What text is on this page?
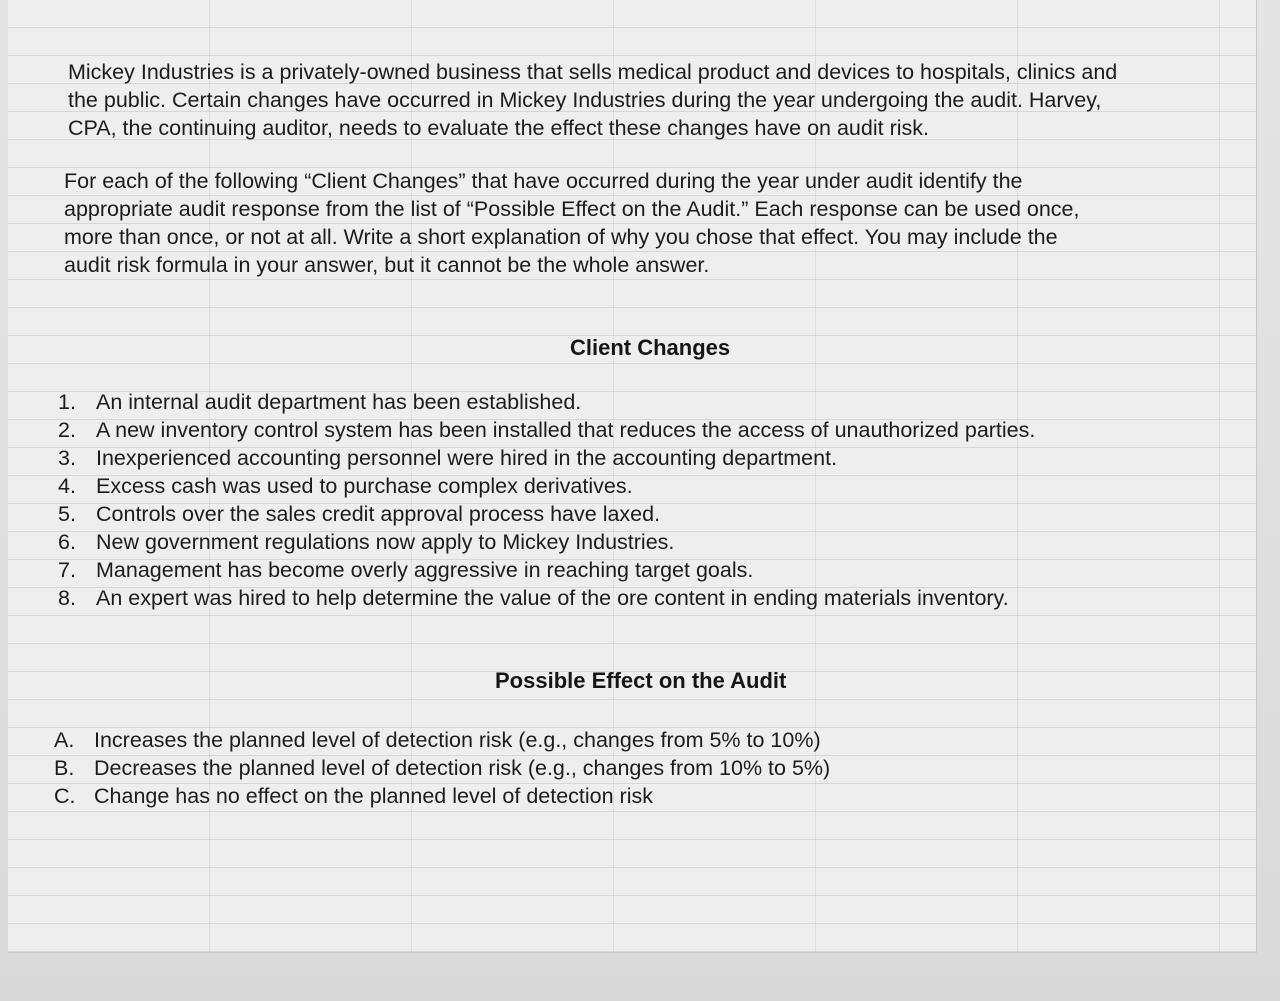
Mickey Industries is a privately-owned business that sells medical product and devices to hospitals, clinics and
the public. Certain changes have occurred in Mickey Industries during the year undergoing the audit. Harvey,
CPA, the continuing auditor, needs to evaluate the effect these changes have on audit risk.
For each of the following “Client Changes” that have occurred during the year under audit identify the
appropriate audit response from the list of “Possible Effect on the Audit.” Each response can be used once,
more than once, or not at all. Write a short explanation of why you chose that effect. You may include the
audit risk formula in your answer, but it cannot be the whole answer.
Client Changes
1. An internal audit department has been established.
2. A new inventory control system has been installed that reduces the access of unauthorized parties.
3. Inexperienced accounting personnel were hired in the accounting department.
4. Excess cash was used to purchase complex derivatives.
5. Controls over the sales credit approval process have laxed.
6. New government regulations now apply to Mickey Industries.
7. Management has become overly aggressive in reaching target goals.
8. An expert was hired to help determine the value of the ore content in ending materials inventory.
Possible Effect on the Audit
A. Increases the planned level of detection risk (e.g., changes from 5% to 10%)
B. Decreases the planned level of detection risk (e.g., changes from 10% to 5%)
C. Change has no effect on the planned level of detection risk
